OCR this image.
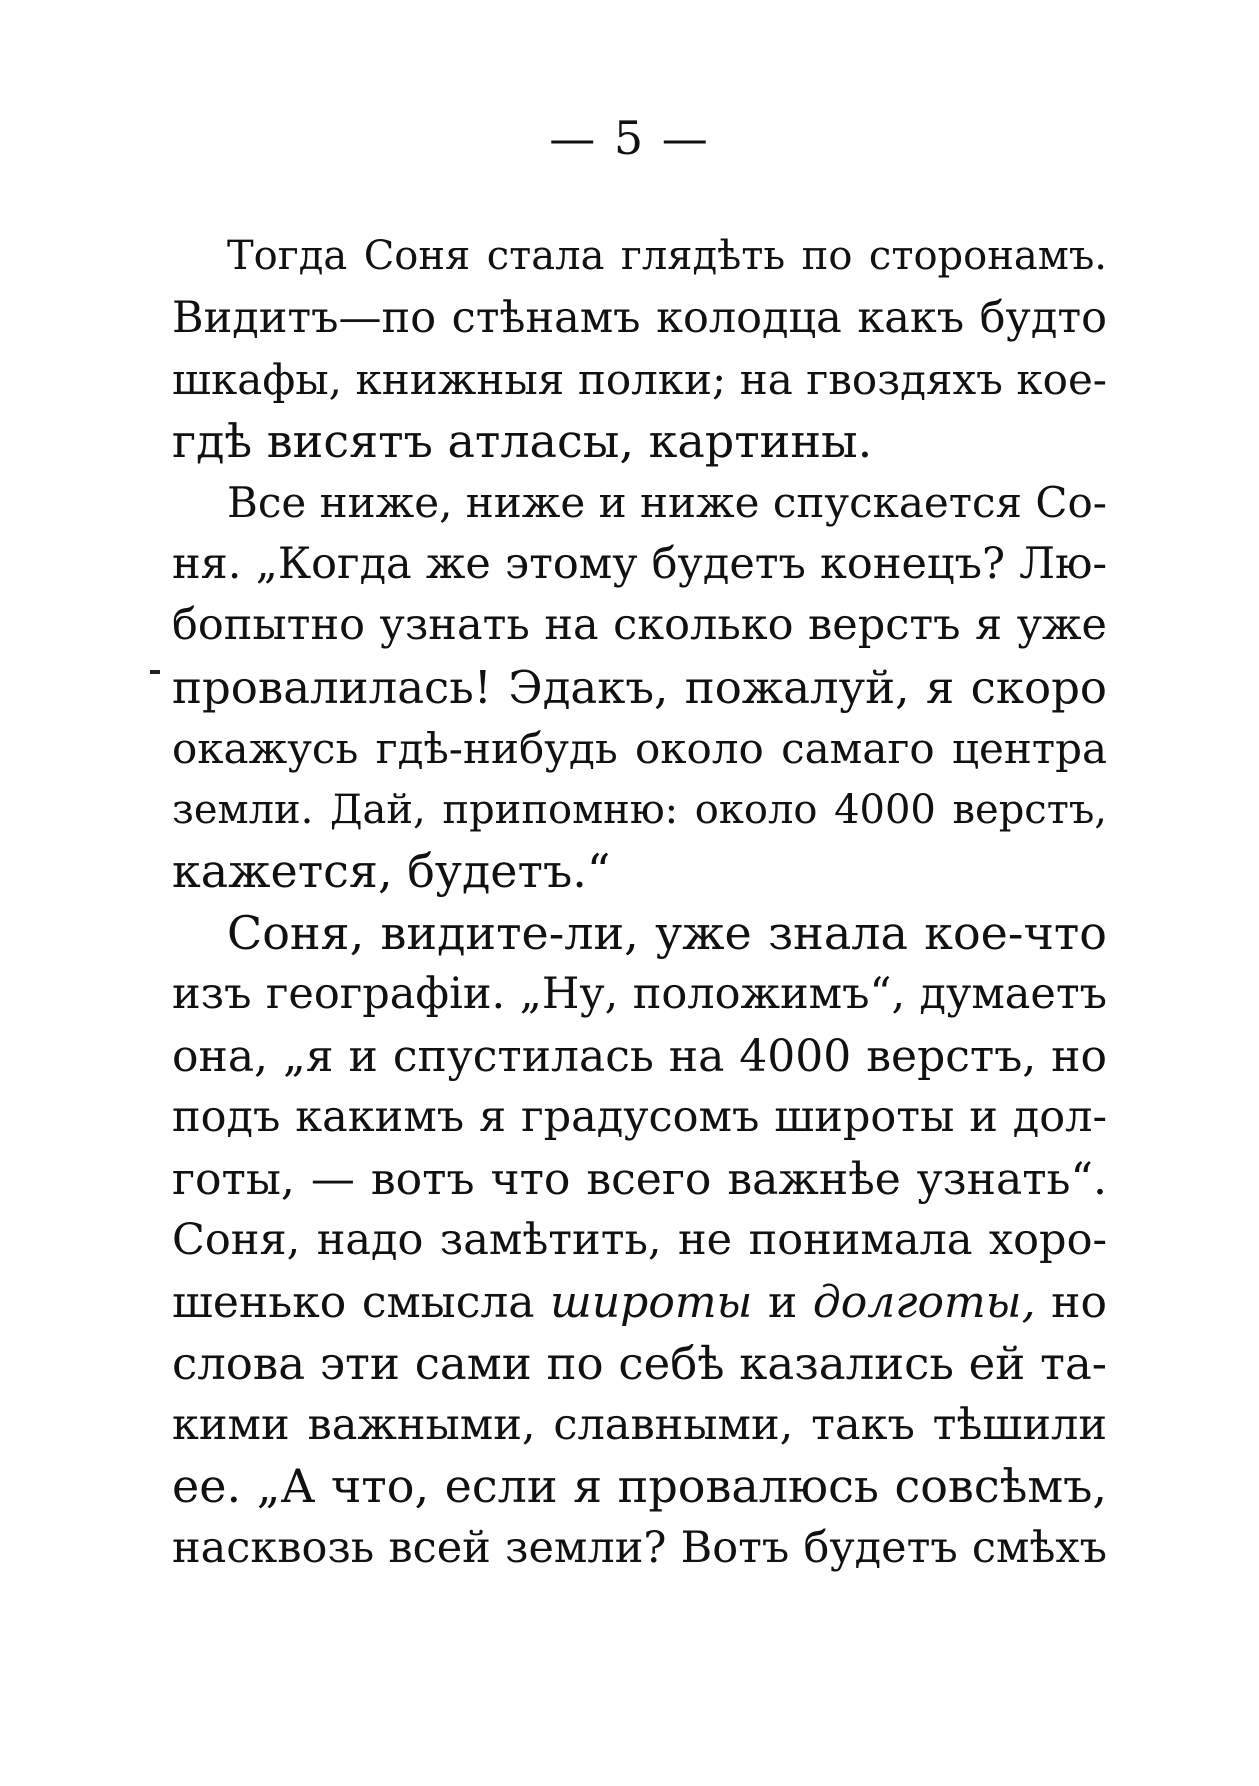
— 5 —
Тогда Соня стала глядѣть по сторонамъ.
Видитъ—по стѣнамъ колодца какъ будто
шкафы, книжныя полки; на гвоздяхъ кое-
гдѣ висятъ атласы, картины.
Все ниже, ниже и ниже спускается Со-
ня. „Когда же этому будетъ конецъ? Лю-
бопытно узнать на сколько верстъ я уже
провалилась! Эдакъ, пожалуй, я скоро
окажусь гдѣ-нибудь около самаго центра
земли. Дай, припомню: около 4000 верстъ,
кажется, будетъ.“
Соня, видите-ли, уже знала кое-что
изъ географіи. „Ну, положимъ“, думаетъ
она, „я и спустилась на 4000 верстъ, но
подъ какимъ я градусомъ широты и дол-
готы, — вотъ что всего важнѣе узнать“.
Соня, надо замѣтить, не понимала хоро-
шенько смысла широты и долготы, но
слова эти сами по себѣ казались ей та-
кими важными, славными, такъ тѣшили
ее. „А что, если я провалюсь совсѣмъ,
насквозь всей земли? Вотъ будетъ смѣхъ
